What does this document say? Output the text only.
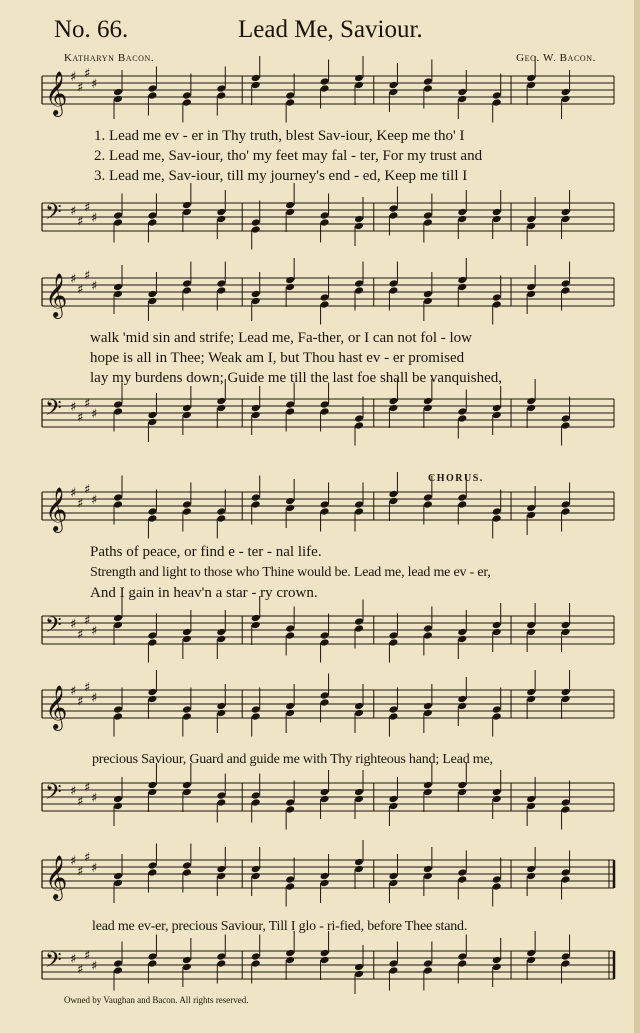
No. 66.	Lead Me, Saviour.
Katharyn Bacon.	Geo. W. Bacon.
𝄞 ♯
♯
♯
♯
𝄢 ♯
♯
♯
♯
1. Lead me ev - er in Thy truth, blest Sav-iour, Keep me tho' I
2. Lead me, Sav-iour, tho' my feet may fal - ter, For my trust and
3. Lead me, Sav-iour, till my journey's end - ed, Keep me till I
𝄞 ♯
♯
♯
♯
𝄢 ♯
♯
♯
♯
walk 'mid sin and strife; Lead me, Fa-ther, or I can not fol - low
hope is all in Thee; Weak am I, but Thou hast ev - er promised
lay my burdens down; Guide me till the last foe shall be vanquished,
CHORUS.
𝄞 ♯
♯
♯
♯
𝄢 ♯
♯
♯
♯
Paths of peace, or find e - ter - nal life.
Strength and light to those who Thine would be. Lead me, lead me ev - er,
And I gain in heav'n a star - ry crown.
𝄞 ♯
♯
♯
♯
𝄢 ♯
♯
♯
♯
precious Saviour, Guard and guide me with Thy righteous hand; Lead me,
𝄞 ♯
♯
♯
♯
𝄢 ♯
♯
♯
♯
lead me ev-er, precious Saviour, Till I glo - ri-fied, before Thee stand.
Owned by Vaughan and Bacon. All rights reserved.
